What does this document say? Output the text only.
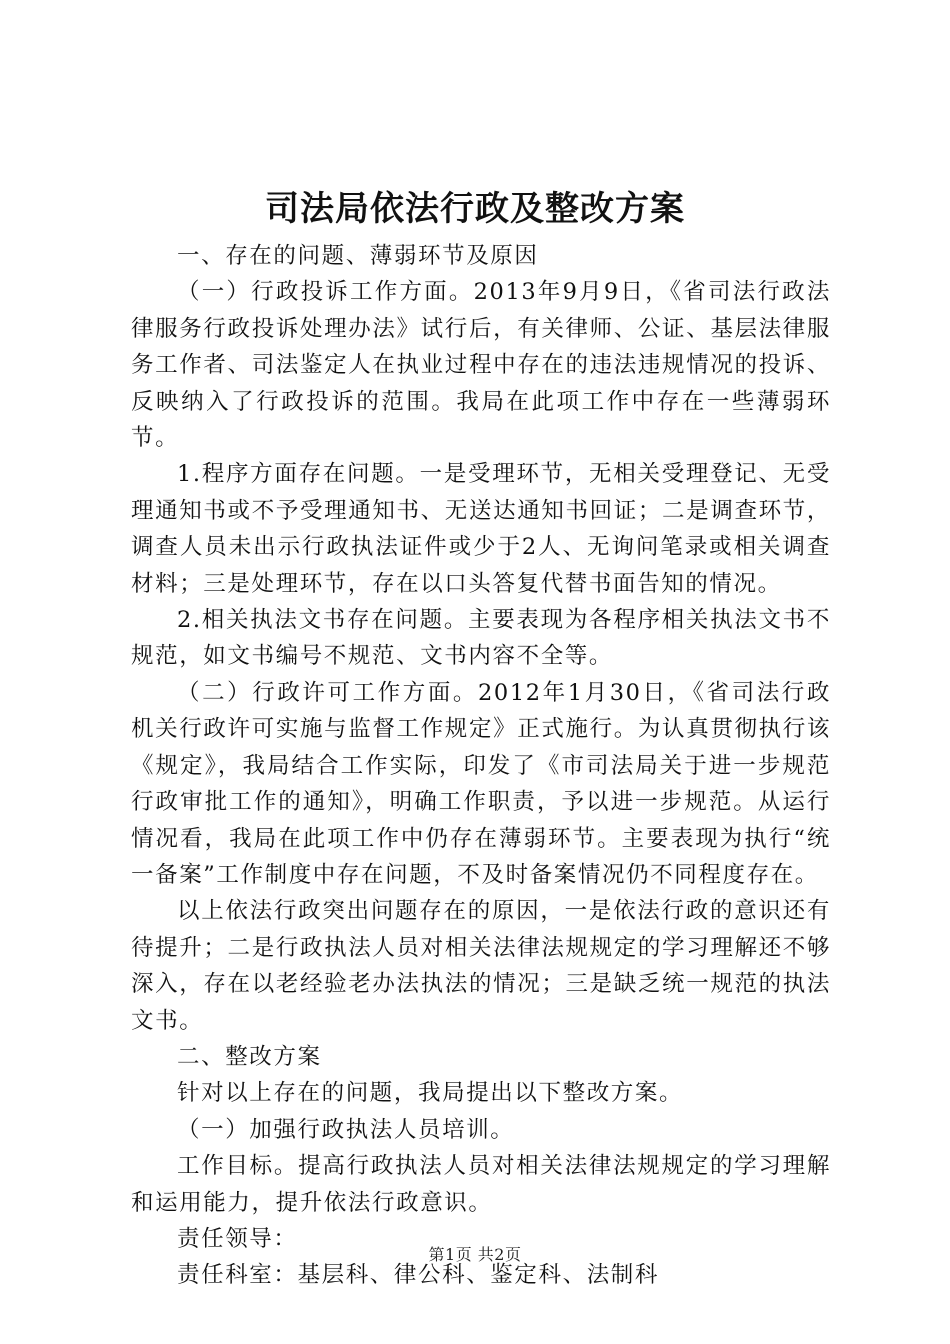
司法局依法行政及整改方案

一、存在的问题、薄弱环节及原因

（一）行政投诉工作方面。2013年9月9日，《省司法行政法律服务行政投诉处理办法》试行后，有关律师、公证、基层法律服务工作者、司法鉴定人在执业过程中存在的违法违规情况的投诉、反映纳入了行政投诉的范围。我局在此项工作中存在一些薄弱环节。

1.程序方面存在问题。一是受理环节，无相关受理登记、无受理通知书或不予受理通知书、无送达通知书回证；二是调查环节，调查人员未出示行政执法证件或少于2人、无询问笔录或相关调查材料；三是处理环节，存在以口头答复代替书面告知的情况。

2.相关执法文书存在问题。主要表现为各程序相关执法文书不规范，如文书编号不规范、文书内容不全等。

（二）行政许可工作方面。2012年1月30日，《省司法行政机关行政许可实施与监督工作规定》正式施行。为认真贯彻执行该《规定》，我局结合工作实际，印发了《市司法局关于进一步规范行政审批工作的通知》，明确工作职责，予以进一步规范。从运行情况看，我局在此项工作中仍存在薄弱环节。主要表现为执行“统一备案”工作制度中存在问题，不及时备案情况仍不同程度存在。

以上依法行政突出问题存在的原因，一是依法行政的意识还有待提升；二是行政执法人员对相关法律法规规定的学习理解还不够深入，存在以老经验老办法执法的情况；三是缺乏统一规范的执法文书。

二、整改方案

针对以上存在的问题，我局提出以下整改方案。

（一）加强行政执法人员培训。

工作目标。提高行政执法人员对相关法律法规规定的学习理解和运用能力，提升依法行政意识。

责任领导：

责任科室：基层科、律公科、鉴定科、法制科

第1页 共2页
